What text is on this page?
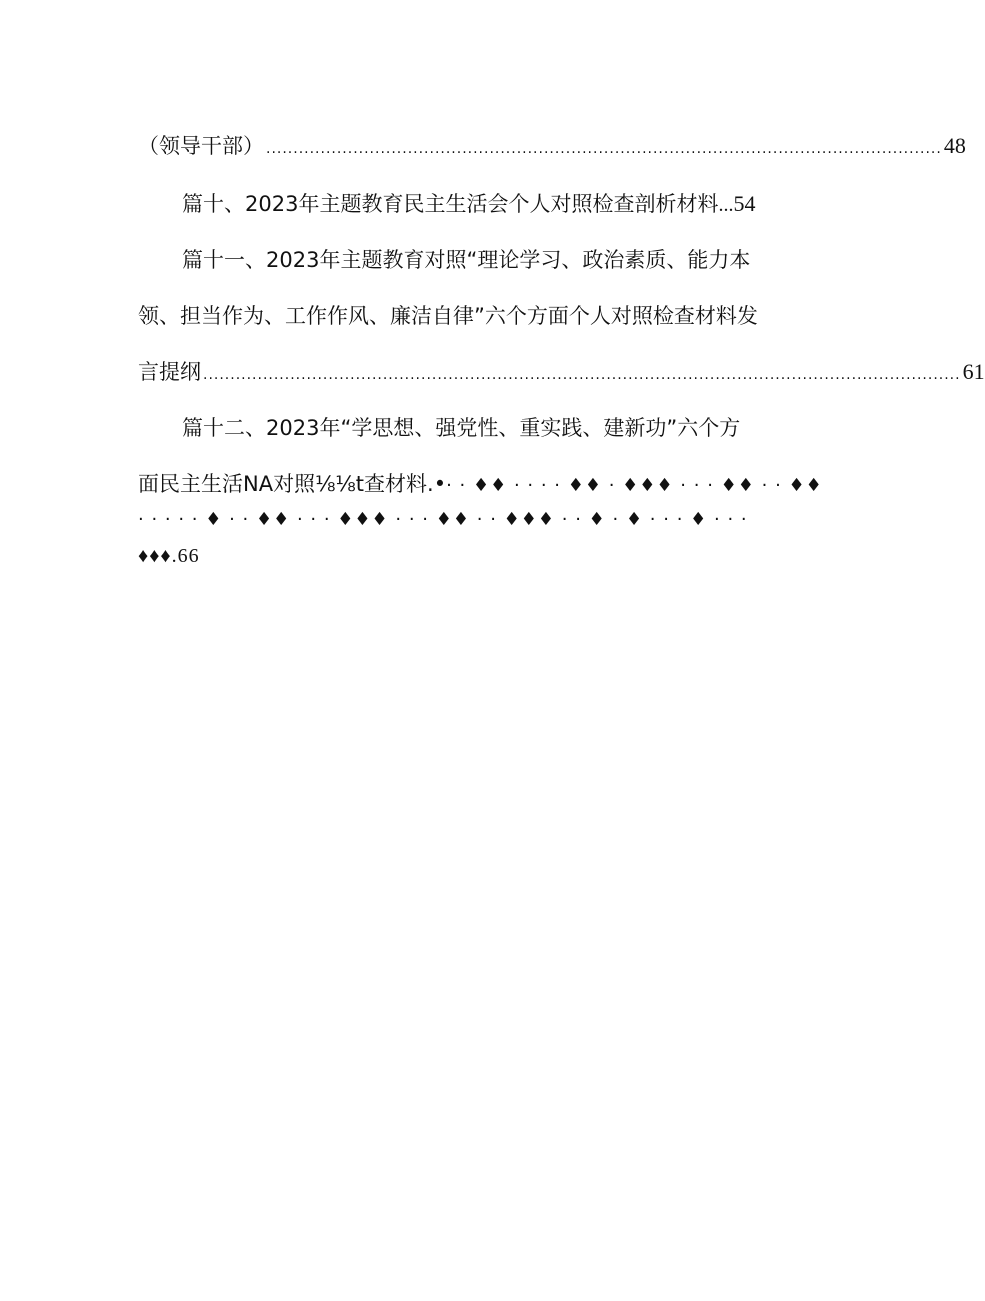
（领导干部） ............................................................................................................................ 48
篇十、2023年主题教育民主生活会个人对照检查剖析材料 ... 54
篇十一、2023年主题教育对照“理论学习、政治素质、能力本
领、担当作为、工作作风、廉洁自律”六个方面个人对照检查材料发
言提纲 ........................................................................................................................................... 61
篇十二、2023年“学思想、强党性、重实践、建新功”六个方
面民主生活NA对照⅛⅛t查材料.• · · ♦♦ · · · · ♦♦ · ♦♦♦ · · · ♦♦ · · ♦♦
· · · · · ♦ · · ♦♦ · · · ♦♦♦ · · · ♦♦ · · ♦♦♦ · · ♦ · ♦ · · · ♦ · · ·
♦♦♦.66
